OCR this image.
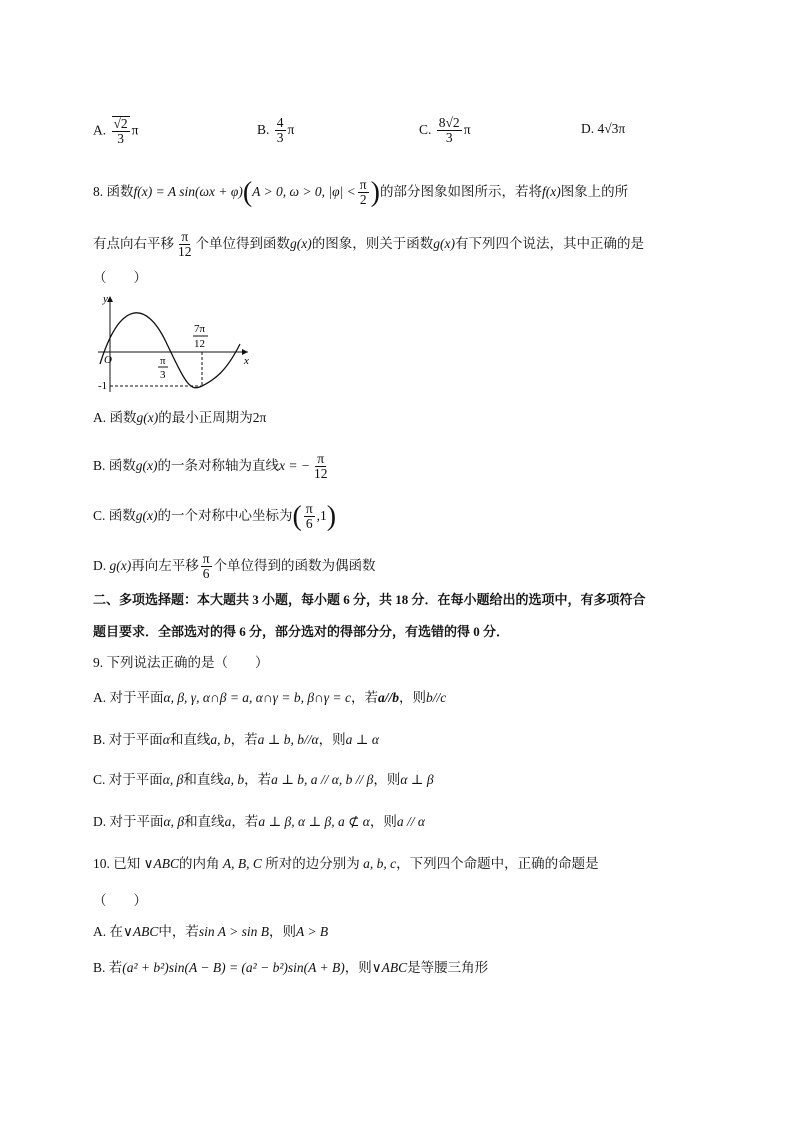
A. $\frac{√2}{3}$ π	B. $\frac{4}{3}$ π	C. $\frac{8√2}{3}$ π	D. 4√3π
8. 函数f(x) = A sin(ωx + φ)(A > 0, ω > 0, $|\varphi| < \frac{\pi}{2}$ )的部分图象如图所示，若将f(x)图象上的所
有点向右平移 $\frac{\pi}{12}$ 个单位得到函数g(x)的图象，则关于函数g(x)有下列四个说法，其中正确的是
（　　）
y
x
O	π
3
7π
12
-1
A. 函数g(x)的最小正周期为2π
B. 函数g(x)的一条对称轴为直线x = − $\frac{\pi}{12}$
C. 函数g(x)的一个对称中心坐标为( $\frac{\pi}{6} ,1$)
D. g(x)再向左平移 $\frac{\pi}{6}$ 个单位得到的函数为偶函数
二、多项选择题：本大题共 3 小题，每小题 6 分，共 18 分．在每小题给出的选项中，有多项符合
题目要求．全部选对的得 6 分，部分选对的得部分分，有选错的得 0 分．
9. 下列说法正确的是（　　）
A. 对于平面α, β, γ, α∩β = a, α∩γ = b, β∩γ = c，若a//b，则b//c
B. 对于平面α和直线a, b，若a ⊥ b, b//α，则a ⊥ α
C. 对于平面α, β和直线a, b，若a ⊥ b, a // α, b // β，则α ⊥ β
D. 对于平面α, β和直线a，若a ⊥ β, α ⊥ β, a ⊄ α，则a // α
10. 已知 ∨ABC的内角 A, B, C 所对的边分别为 a, b, c，下列四个命题中，正确的命题是
（　　）
A. 在∨ABC中，若sin A > sin B，则A > B
B. 若(a² + b²)sin(A − B) = (a² − b²)sin(A + B)，则∨ABC是等腰三角形
